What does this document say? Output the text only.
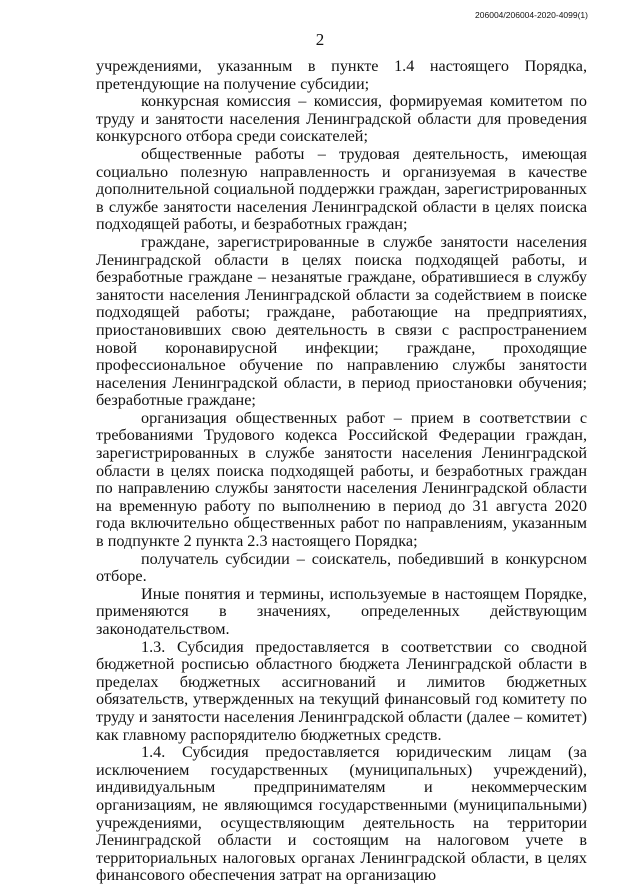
206004/206004-2020-4099(1)
2

учреждениями, указанным в пункте 1.4 настоящего Порядка, претендующие на получение субсидии;

конкурсная комиссия – комиссия, формируемая комитетом по труду и занятости населения Ленинградской области для проведения конкурсного отбора среди соискателей;

общественные работы – трудовая деятельность, имеющая социально полезную направленность и организуемая в качестве дополнительной социальной поддержки граждан, зарегистрированных в службе занятости населения Ленинградской области в целях поиска подходящей работы, и безработных граждан;

граждане, зарегистрированные в службе занятости населения Ленинградской области в целях поиска подходящей работы, и безработные граждане – незанятые граждане, обратившиеся в службу занятости населения Ленинградской области за содействием в поиске подходящей работы; граждане, работающие на предприятиях, приостановивших свою деятельность в связи с распространением новой коронавирусной инфекции; граждане, проходящие профессиональное обучение по направлению службы занятости населения Ленинградской области, в период приостановки обучения; безработные граждане;

организация общественных работ – прием в соответствии с требованиями Трудового кодекса Российской Федерации граждан, зарегистрированных в службе занятости населения Ленинградской области в целях поиска подходящей работы, и безработных граждан по направлению службы занятости населения Ленинградской области на временную работу по выполнению в период до 31 августа 2020 года включительно общественных работ по направлениям, указанным в подпункте 2 пункта 2.3 настоящего Порядка;

получатель субсидии – соискатель, победивший в конкурсном отборе.

Иные понятия и термины, используемые в настоящем Порядке, применяются в значениях, определенных действующим законодательством.

1.3. Субсидия предоставляется в соответствии со сводной бюджетной росписью областного бюджета Ленинградской области в пределах бюджетных ассигнований и лимитов бюджетных обязательств, утвержденных на текущий финансовый год комитету по труду и занятости населения Ленинградской области (далее – комитет) как главному распорядителю бюджетных средств.

1.4. Субсидия предоставляется юридическим лицам (за исключением государственных (муниципальных) учреждений), индивидуальным предпринимателям и некоммерческим организациям, не являющимся государственными (муниципальными) учреждениями, осуществляющим деятельность на территории Ленинградской области и состоящим на налоговом учете в территориальных налоговых органах Ленинградской области, в целях финансового обеспечения затрат на организацию
